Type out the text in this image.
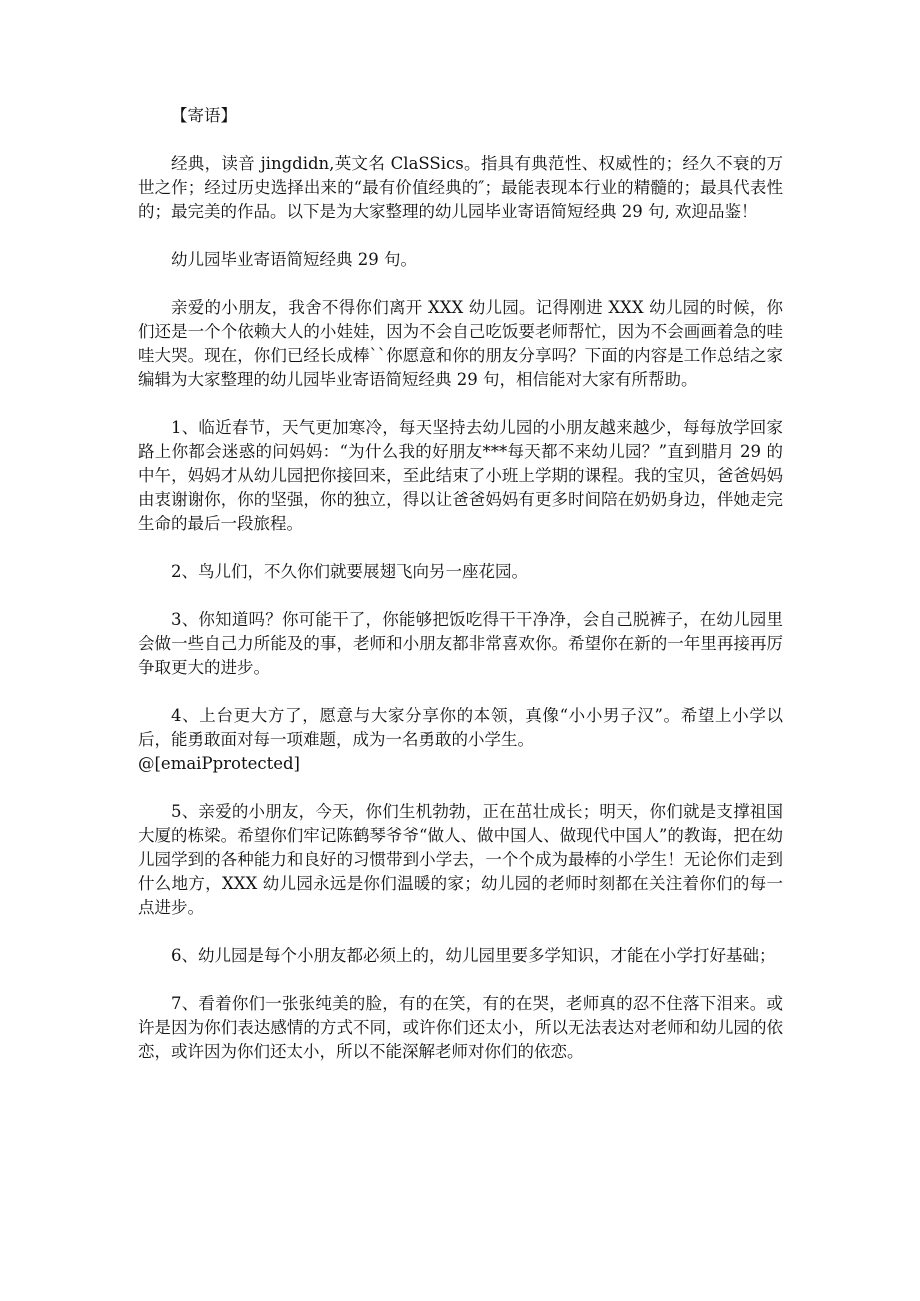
【寄语】

经典，读音 jingdidn,英文名 ClaSSics。指具有典范性、权威性的；经久不衰的万世之作；经过历史选择出来的“最有价值经典的″；最能表现本行业的精髓的；最具代表性的；最完美的作品。以下是为大家整理的幼儿园毕业寄语简短经典 29 句, 欢迎品鉴！

幼儿园毕业寄语简短经典 29 句。

亲爱的小朋友，我舍不得你们离开 XXX 幼儿园。记得刚进 XXX 幼儿园的时候，你们还是一个个依赖大人的小娃娃，因为不会自己吃饭要老师帮忙，因为不会画画着急的哇哇大哭。现在，你们已经长成棒``你愿意和你的朋友分享吗？下面的内容是工作总结之家编辑为大家整理的幼儿园毕业寄语简短经典 29 句，相信能对大家有所帮助。

1、临近春节，天气更加寒冷，每天坚持去幼儿园的小朋友越来越少，每每放学回家路上你都会迷惑的问妈妈：“为什么我的好朋友***每天都不来幼儿园？”直到腊月 29 的中午，妈妈才从幼儿园把你接回来，至此结束了小班上学期的课程。我的宝贝，爸爸妈妈由衷谢谢你，你的坚强，你的独立，得以让爸爸妈妈有更多时间陪在奶奶身边，伴她走完生命的最后一段旅程。

2、鸟儿们，不久你们就要展翅飞向另一座花园。

3、你知道吗？你可能干了，你能够把饭吃得干干净净，会自己脱裤子，在幼儿园里会做一些自己力所能及的事，老师和小朋友都非常喜欢你。希望你在新的一年里再接再厉争取更大的进步。

4、上台更大方了，愿意与大家分享你的本领，真像“小小男子汉”。希望上小学以后，能勇敢面对每一项难题，成为一名勇敢的小学生。

@[emaiPprotected]

5、亲爱的小朋友，今天，你们生机勃勃，正在茁壮成长；明天，你们就是支撑祖国大厦的栋梁。希望你们牢记陈鹤琴爷爷“做人、做中国人、做现代中国人”的教诲，把在幼儿园学到的各种能力和良好的习惯带到小学去，一个个成为最棒的小学生！无论你们走到什么地方，XXX 幼儿园永远是你们温暖的家；幼儿园的老师时刻都在关注着你们的每一点进步。

6、幼儿园是每个小朋友都必须上的，幼儿园里要多学知识，才能在小学打好基础；

7、看着你们一张张纯美的脸，有的在笑，有的在哭，老师真的忍不住落下泪来。或许是因为你们表达感情的方式不同，或许你们还太小，所以无法表达对老师和幼儿园的依恋，或许因为你们还太小，所以不能深解老师对你们的依恋。
